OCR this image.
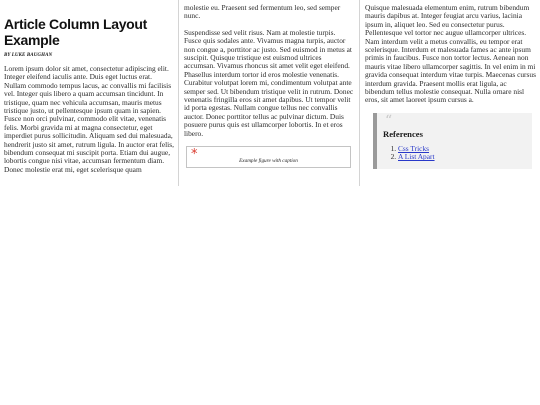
Article Column Layout Example
BY LUKE BAUGHAN

Lorem ipsum dolor sit amet, consectetur adipiscing elit. Integer eleifend iaculis ante. Duis eget luctus erat. Nullam commodo tempus lacus, ac convallis mi facilisis vel. Integer quis libero a quam accumsan tincidunt. In tristique, quam nec vehicula accumsan, mauris metus tristique justo, ut pellentesque ipsum quam in sapien. Fusce non orci pulvinar, commodo elit vitae, venenatis felis. Morbi gravida mi at magna consectetur, eget imperdiet purus sollicitudin. Aliquam sed dui malesuada, hendrerit justo sit amet, rutrum ligula. In auctor erat felis, bibendum consequat mi suscipit porta. Etiam dui augue, lobortis congue nisi vitae, accumsan fermentum diam. Donec molestie erat mi, eget scelerisque quam

molestie eu. Praesent sed fermentum leo, sed semper nunc.

Suspendisse sed velit risus. Nam at molestie turpis. Fusce quis sodales ante. Vivamus magna turpis, auctor non congue a, porttitor ac justo. Sed euismod in metus at suscipit. Quisque tristique est euismod ultrices accumsan. Vivamus rhoncus sit amet velit eget eleifend. Phasellus interdum tortor id eros molestie venenatis. Curabitur volutpat lorem mi, condimentum volutpat ante semper sed. Ut bibendum tristique velit in rutrum. Donec venenatis fringilla eros sit amet dapibus. Ut tempor velit id porta egestas. Nullam congue tellus nec convallis auctor. Donec porttitor tellus ac pulvinar dictum. Duis posuere purus quis est ullamcorper lobortis. In et eros libero.

*	Example figure with caption

Quisque malesuada elementum enim, rutrum bibendum mauris dapibus at. Integer feugiat arcu varius, lacinia ipsum in, aliquet leo. Sed eu consectetur purus. Pellentesque vel tortor nec augue ullamcorper ultrices. Nam interdum velit a metus convallis, eu tempor erat scelerisque. Interdum et malesuada fames ac ante ipsum primis in faucibus. Fusce non tortor lectus. Aenean non mauris vitae libero ullamcorper sagittis. In vel enim in mi gravida consequat interdum vitae turpis. Maecenas cursus interdum gravida. Praesent mollis erat ligula, ac bibendum tellus molestie consequat. Nulla ornare nisl eros, sit amet laoreet ipsum cursus a.

“
References
1. Css Tricks
2. A List Apart
